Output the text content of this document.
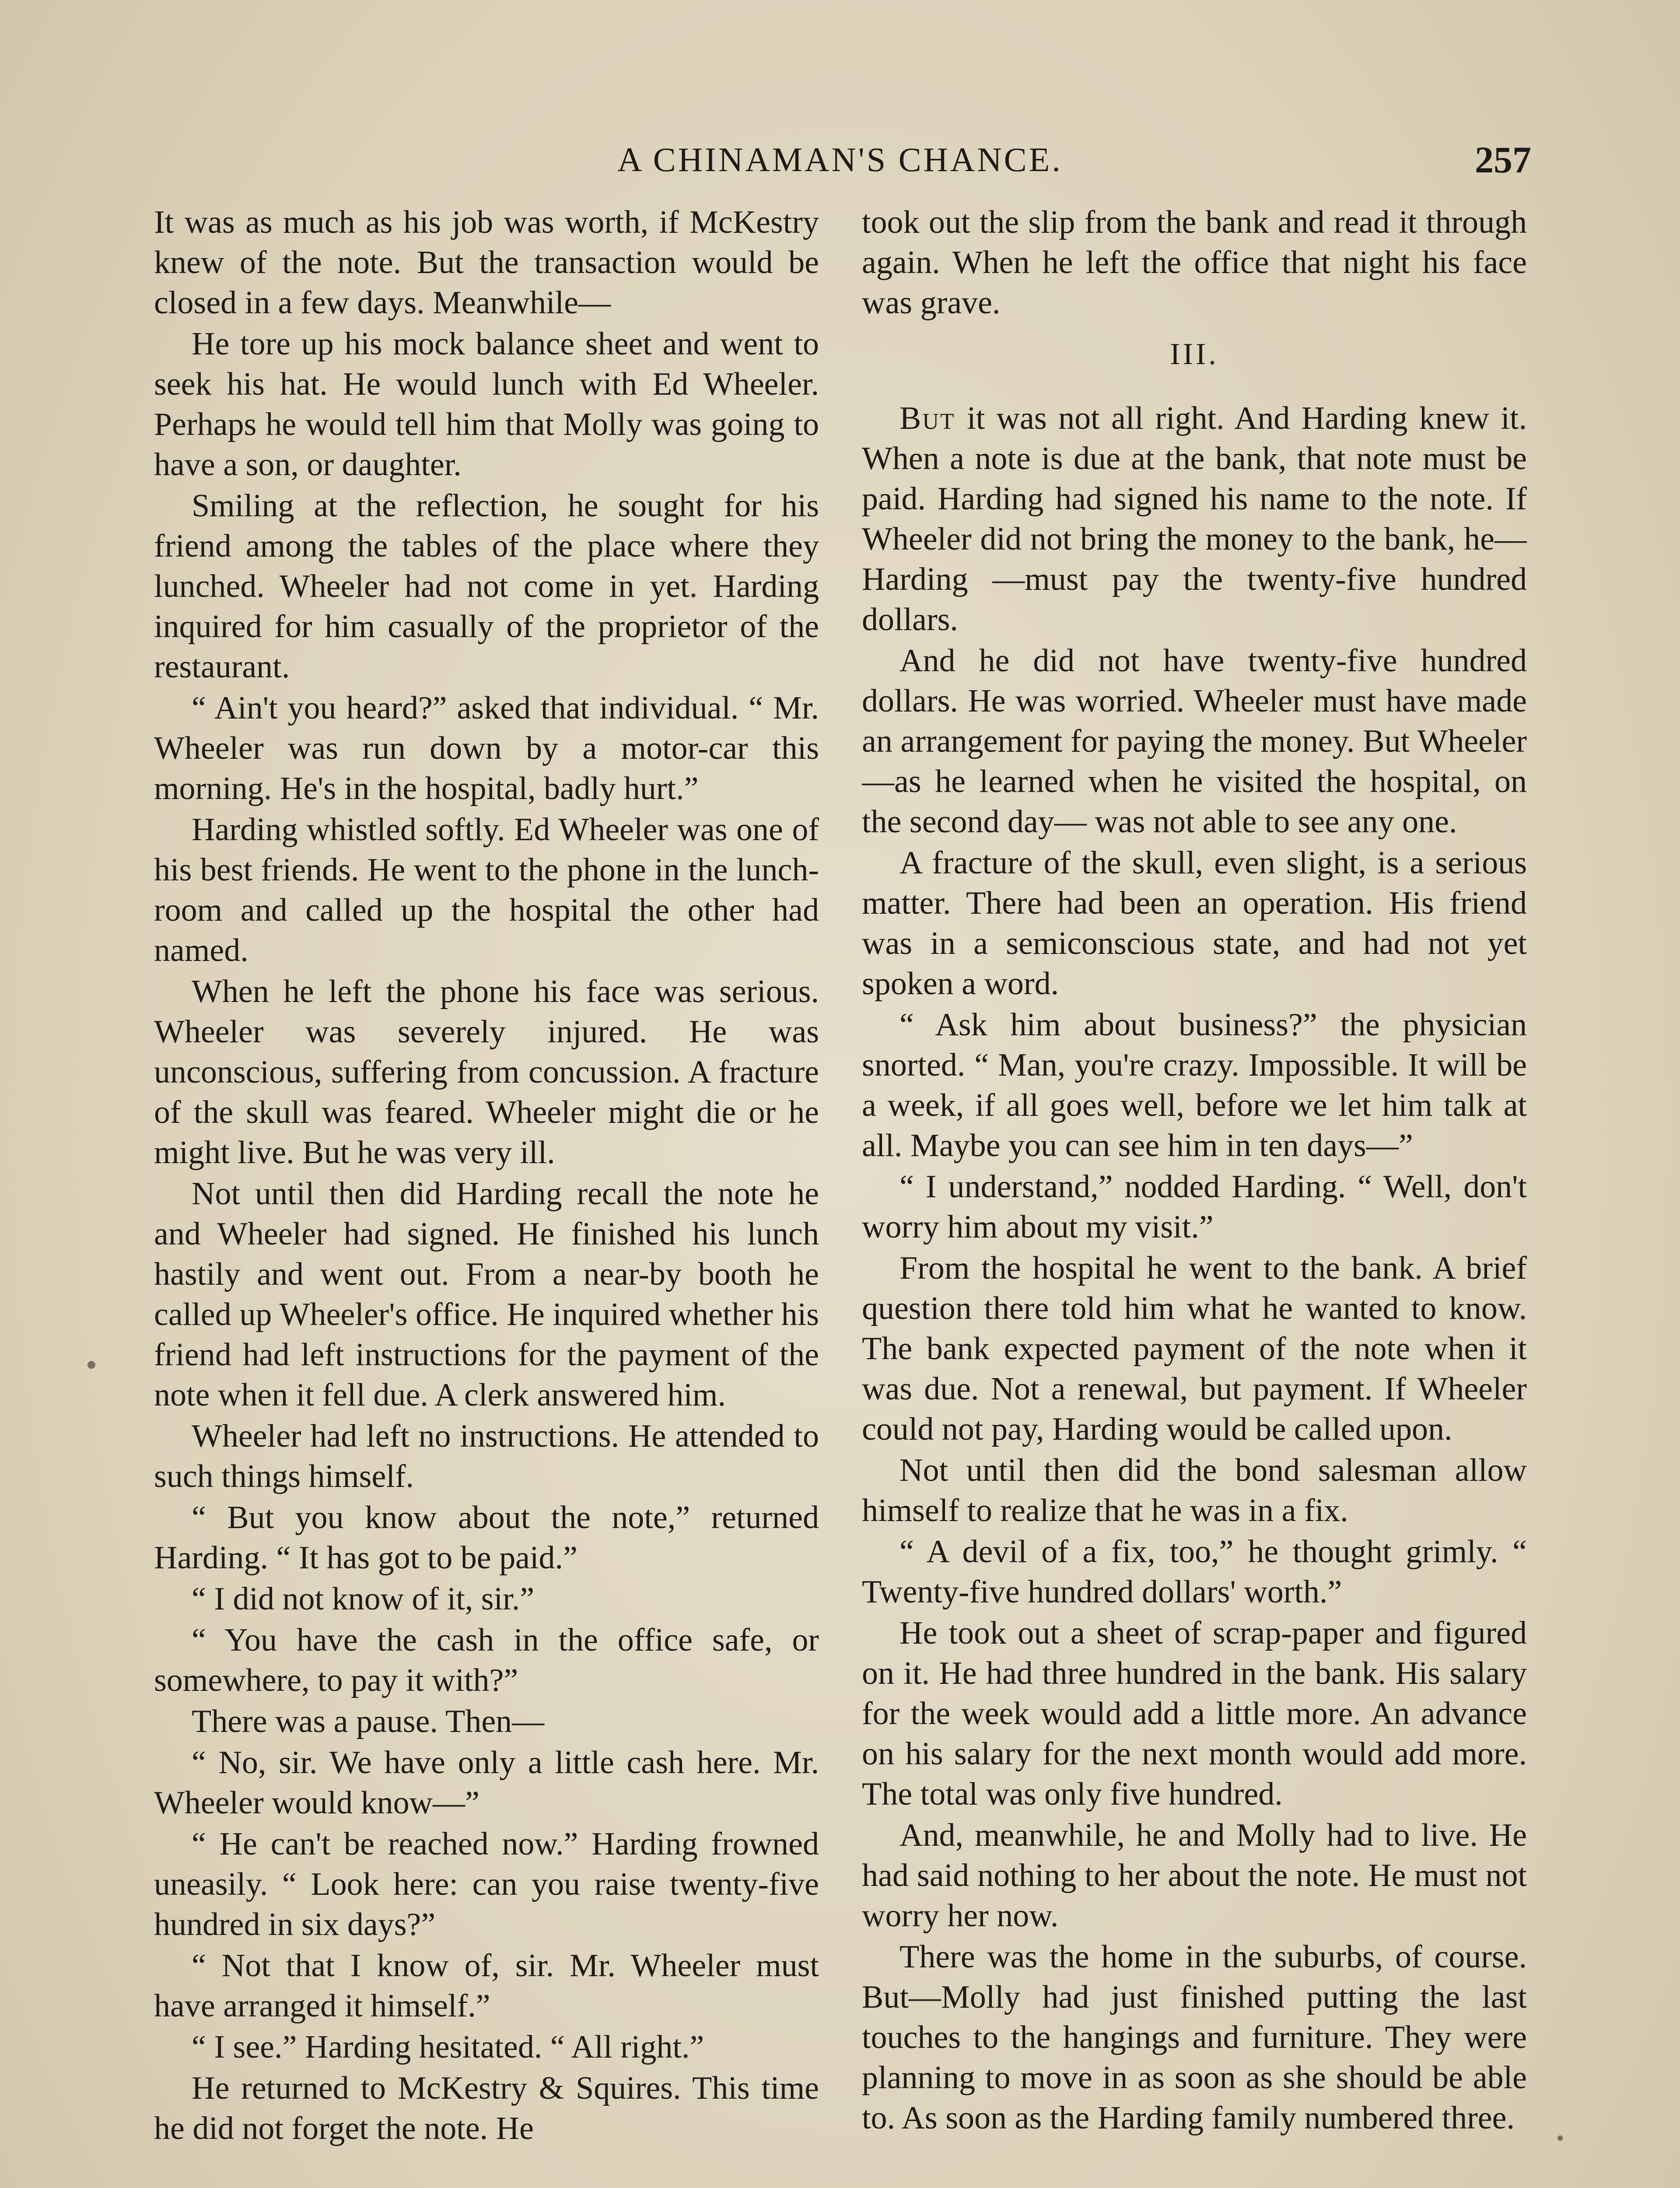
A CHINAMAN'S CHANCE.	257

It was as much as his job was worth, if McKestry knew of the note. But the transaction would be closed in a few days. Meanwhile—

He tore up his mock balance sheet and went to seek his hat. He would lunch with Ed Wheeler. Perhaps he would tell him that Molly was going to have a son, or daughter.

Smiling at the reflection, he sought for his friend among the tables of the place where they lunched. Wheeler had not come in yet. Harding inquired for him casually of the proprietor of the restaurant.

“ Ain't you heard?” asked that individual. “ Mr. Wheeler was run down by a motor-car this morning. He's in the hospital, badly hurt.”

Harding whistled softly. Ed Wheeler was one of his best friends. He went to the phone in the lunch-room and called up the hospital the other had named.

When he left the phone his face was serious. Wheeler was severely injured. He was unconscious, suffering from concussion. A fracture of the skull was feared. Wheeler might die or he might live. But he was very ill.

Not until then did Harding recall the note he and Wheeler had signed. He finished his lunch hastily and went out. From a near-by booth he called up Wheeler's office. He inquired whether his friend had left instructions for the payment of the note when it fell due. A clerk answered him.

Wheeler had left no instructions. He attended to such things himself.

“ But you know about the note,” returned Harding. “ It has got to be paid.”

“ I did not know of it, sir.”

“ You have the cash in the office safe, or somewhere, to pay it with?”

There was a pause. Then—

“ No, sir. We have only a little cash here. Mr. Wheeler would know—”

“ He can't be reached now.” Harding frowned uneasily. “ Look here: can you raise twenty-five hundred in six days?”

“ Not that I know of, sir. Mr. Wheeler must have arranged it himself.”

“ I see.” Harding hesitated. “ All right.”

He returned to McKestry & Squires. This time he did not forget the note. He

took out the slip from the bank and read it through again. When he left the office that night his face was grave.

III.

But it was not all right. And Harding knew it. When a note is due at the bank, that note must be paid. Harding had signed his name to the note. If Wheeler did not bring the money to the bank, he—Harding —must pay the twenty-five hundred dollars.

And he did not have twenty-five hundred dollars. He was worried. Wheeler must have made an arrangement for paying the money. But Wheeler—as he learned when he visited the hospital, on the second day— was not able to see any one.

A fracture of the skull, even slight, is a serious matter. There had been an operation. His friend was in a semiconscious state, and had not yet spoken a word.

“ Ask him about business?” the physician snorted. “ Man, you're crazy. Impossible. It will be a week, if all goes well, before we let him talk at all. Maybe you can see him in ten days—”

“ I understand,” nodded Harding. “ Well, don't worry him about my visit.”

From the hospital he went to the bank. A brief question there told him what he wanted to know. The bank expected payment of the note when it was due. Not a renewal, but payment. If Wheeler could not pay, Harding would be called upon.

Not until then did the bond salesman allow himself to realize that he was in a fix.

“ A devil of a fix, too,” he thought grimly. “ Twenty-five hundred dollars' worth.”

He took out a sheet of scrap-paper and figured on it. He had three hundred in the bank. His salary for the week would add a little more. An advance on his salary for the next month would add more. The total was only five hundred.

And, meanwhile, he and Molly had to live. He had said nothing to her about the note. He must not worry her now.

There was the home in the suburbs, of course. But—Molly had just finished putting the last touches to the hangings and furniture. They were planning to move in as soon as she should be able to. As soon as the Harding family numbered three.
